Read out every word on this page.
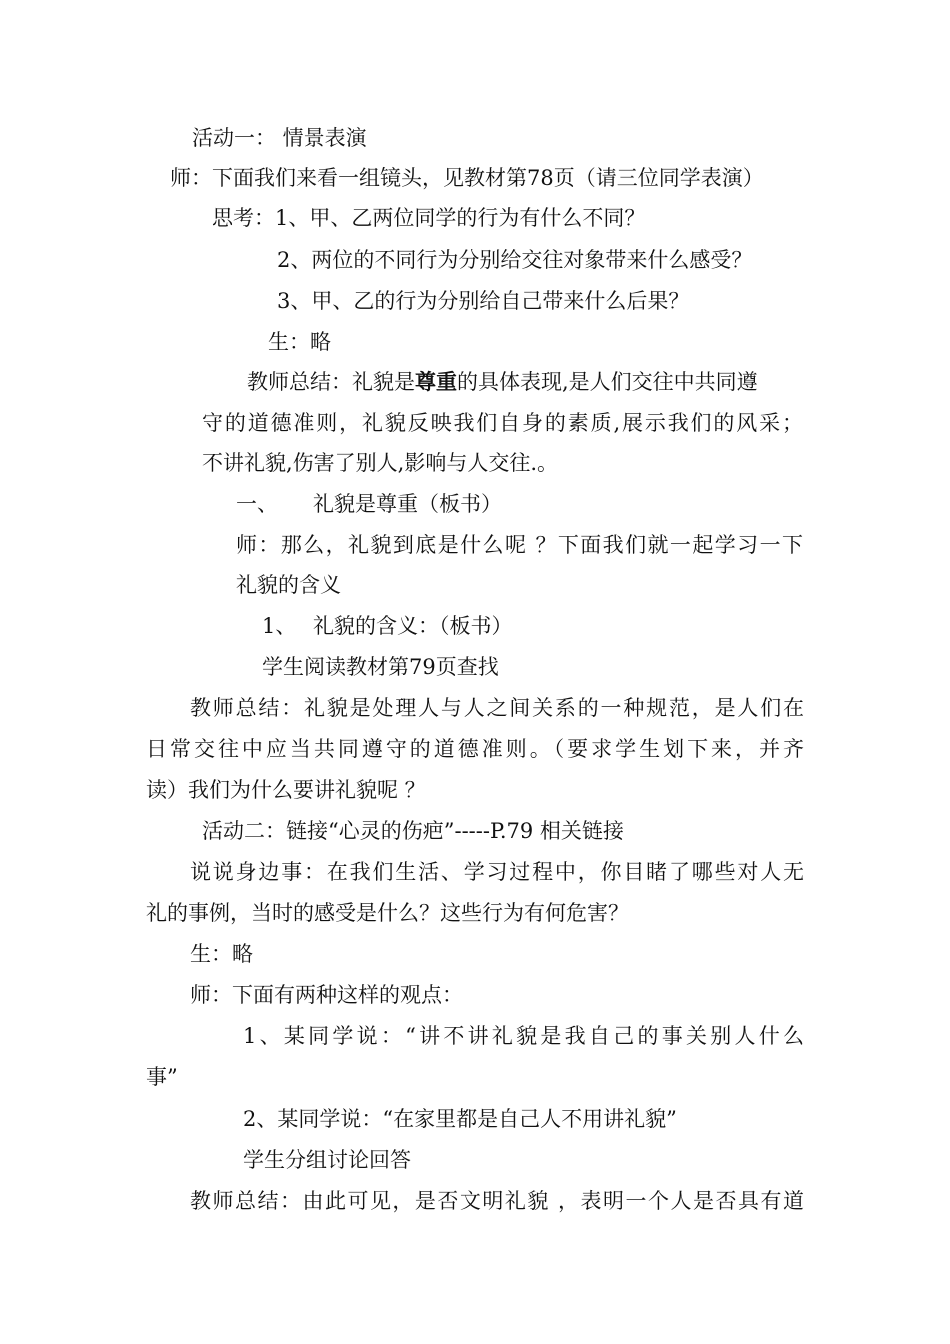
活动一： 情景表演
师：下面我们来看一组镜头，见教材第78页（请三位同学表演）
思考：1、甲、乙两位同学的行为有什么不同？
2、两位的不同行为分别给交往对象带来什么感受？
3、甲、乙的行为分别给自己带来什么后果？
生：略
教师总结：礼貌是尊重的具体表现,是人们交往中共同遵
守的道德准则，礼貌反映我们自身的素质,展示我们的风采；
不讲礼貌,伤害了别人,影响与人交往.。
一、 礼貌是尊重（板书）
师：那么，礼貌到底是什么呢 ？下面我们就一起学习一下
礼貌的含义
1、 礼貌的含义：（板书）
学生阅读教材第79页查找
教师总结：礼貌是处理人与人之间关系的一种规范，是人们在
日常交往中应当共同遵守的道德准则。（要求学生划下来，并齐
读）我们为什么要讲礼貌呢 ？
活动二：链接“心灵的伤疤”-----P.79 相关链接
说说身边事：在我们生活、学习过程中，你目睹了哪些对人无
礼的事例，当时的感受是什么？这些行为有何危害？
生：略
师：下面有两种这样的观点：
1、某同学说：“讲不讲礼貌是我自己的事关别人什么
事”
2、某同学说：“在家里都是自己人不用讲礼貌”
学生分组讨论回答
教师总结：由此可见，是否文明礼貌 ，表明一个人是否具有道
